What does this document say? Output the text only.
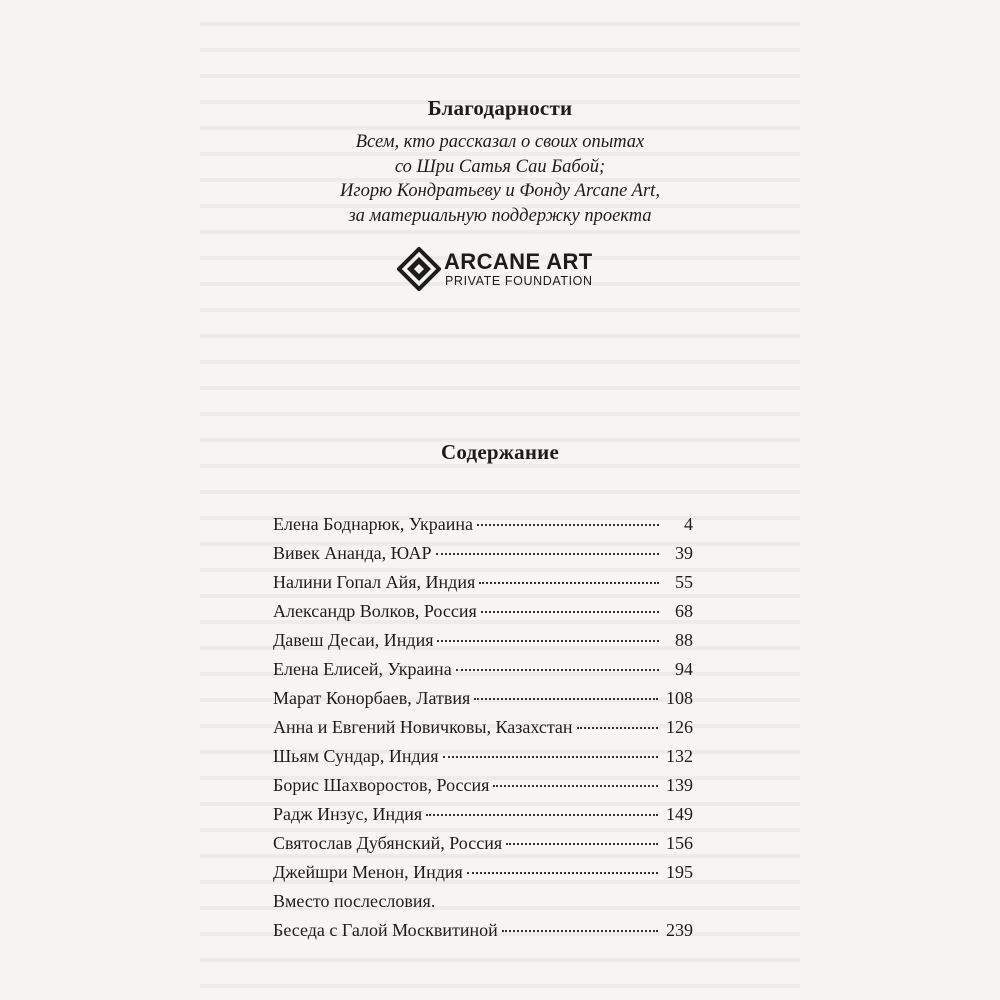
Благодарности
Всем, кто рассказал о своих опытах
со Шри Сатья Саи Бабой;
Игорю Кондратьеву и Фонду Arcane Art,
за материальную поддержку проекта
ARCANE ART
PRIVATE FOUNDATION
Содержание
Елена Боднарюк, Украина	4
Вивек Ананда, ЮАР	39
Налини Гопал Айя, Индия	55
Александр Волков, Россия	68
Давеш Десаи, Индия	88
Елена Елисей, Украина	94
Марат Конорбаев, Латвия	108
Анна и Евгений Новичковы, Казахстан	126
Шьям Сундар, Индия	132
Борис Шахворостов, Россия	139
Радж Инзус, Индия	149
Святослав Дубянский, Россия	156
Джейшри Менон, Индия	195
Вместо послесловия.
Беседа с Галой Москвитиной	239
